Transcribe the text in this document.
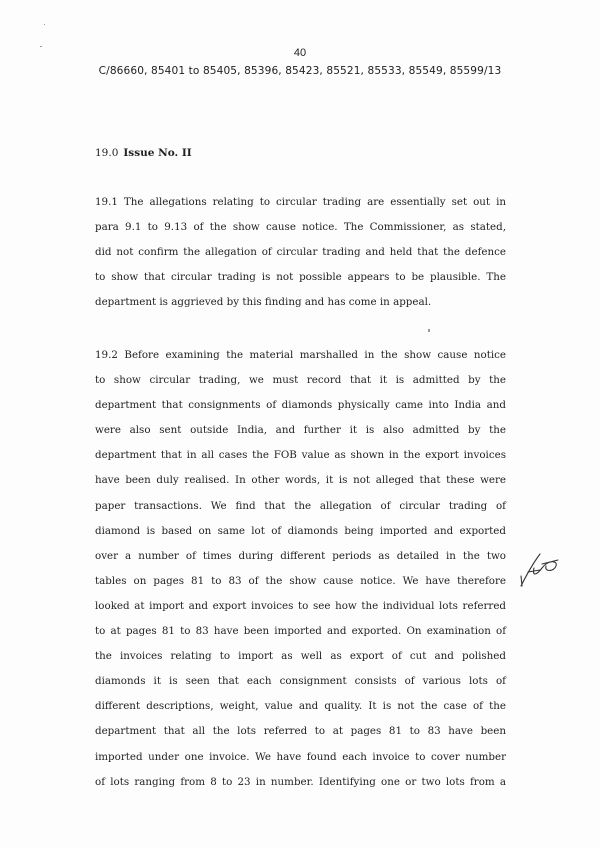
40
C/86660, 85401 to 85405, 85396, 85423, 85521, 85533, 85549, 85599/13
19.0 Issue No. II
19.1 The allegations relating to circular trading are essentially set out in
para 9.1 to 9.13 of the show cause notice. The Commissioner, as stated,
did not confirm the allegation of circular trading and held that the defence
to show that circular trading is not possible appears to be plausible. The
department is aggrieved by this finding and has come in appeal.
19.2 Before examining the material marshalled in the show cause notice
to show circular trading, we must record that it is admitted by the
department that consignments of diamonds physically came into India and
were also sent outside India, and further it is also admitted by the
department that in all cases the FOB value as shown in the export invoices
have been duly realised. In other words, it is not alleged that these were
paper transactions. We find that the allegation of circular trading of
diamond is based on same lot of diamonds being imported and exported
over a number of times during different periods as detailed in the two
tables on pages 81 to 83 of the show cause notice. We have therefore
looked at import and export invoices to see how the individual lots referred
to at pages 81 to 83 have been imported and exported. On examination of
the invoices relating to import as well as export of cut and polished
diamonds it is seen that each consignment consists of various lots of
different descriptions, weight, value and quality. It is not the case of the
department that all the lots referred to at pages 81 to 83 have been
imported under one invoice. We have found each invoice to cover number
of lots ranging from 8 to 23 in number. Identifying one or two lots from a
